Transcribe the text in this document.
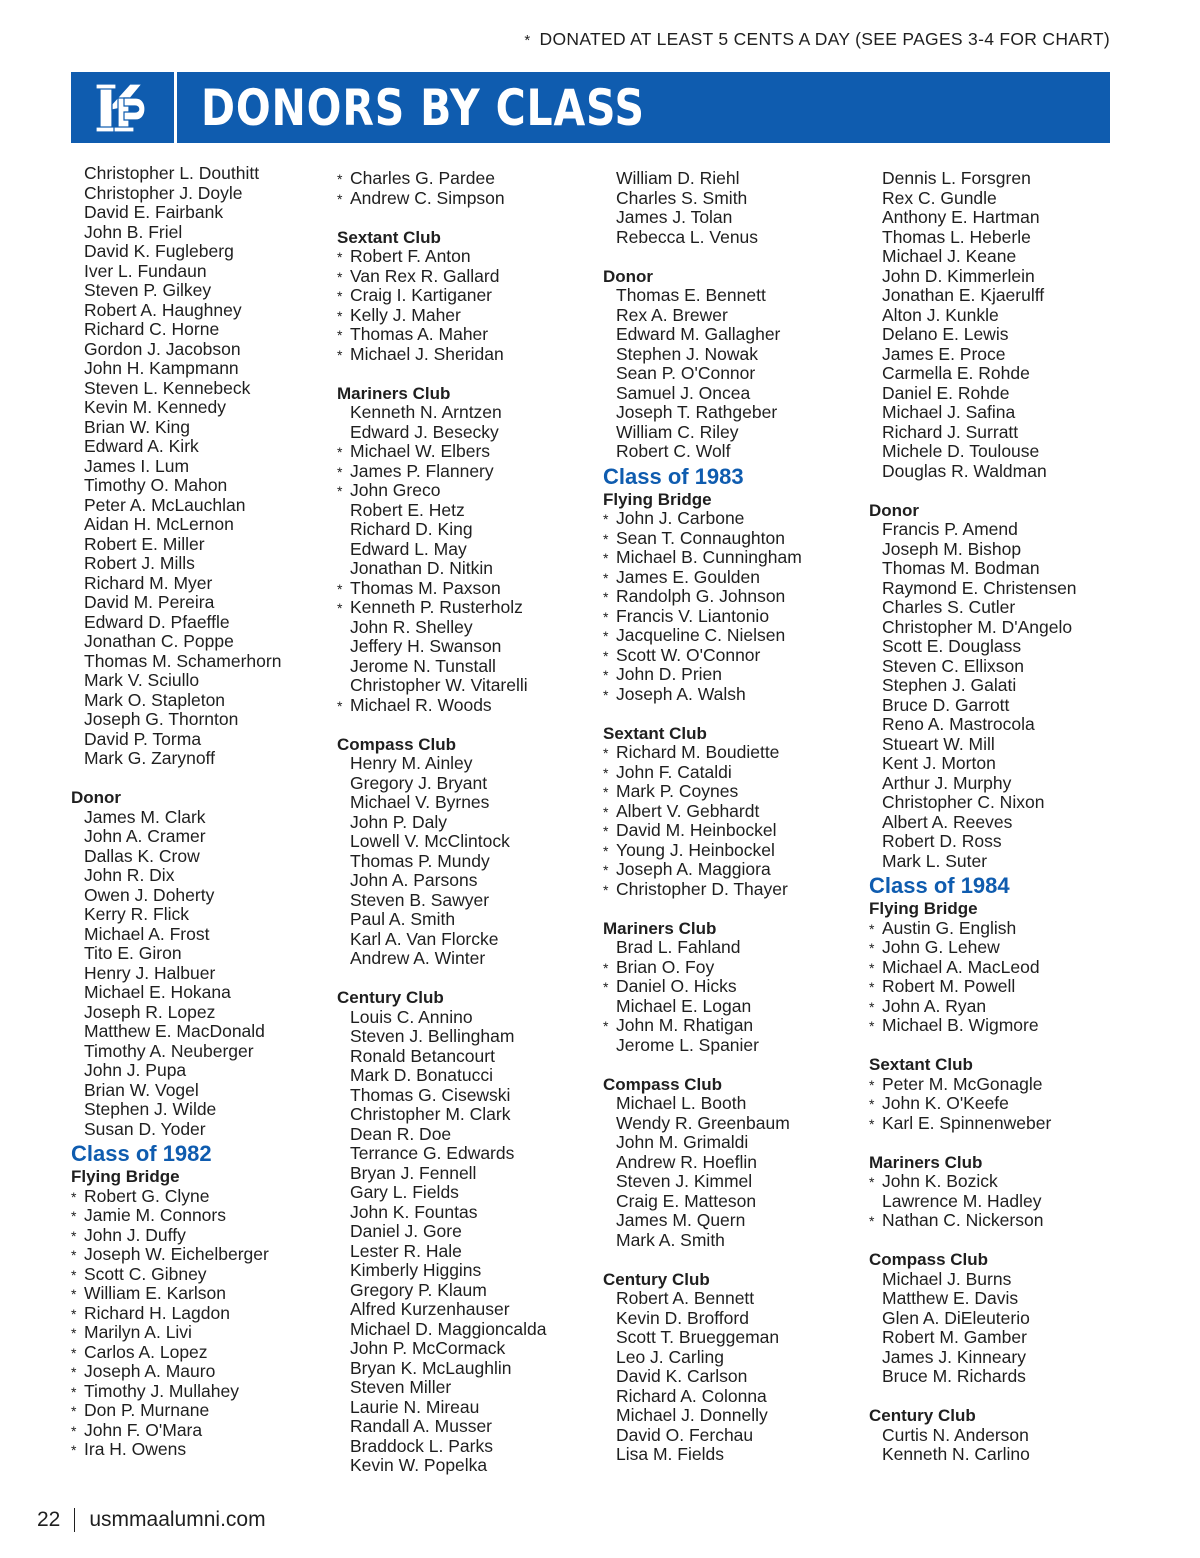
* DONATED AT LEAST 5 CENTS A DAY (SEE PAGES 3-4 FOR CHART)
DONORS BY CLASS
Christopher L. Douthitt
Christopher J. Doyle
David E. Fairbank
John B. Friel
David K. Fugleberg
Iver L. Fundaun
Steven P. Gilkey
Robert A. Haughney
Richard C. Horne
Gordon J. Jacobson
John H. Kampmann
Steven L. Kennebeck
Kevin M. Kennedy
Brian W. King
Edward A. Kirk
James I. Lum
Timothy O. Mahon
Peter A. McLauchlan
Aidan H. McLernon
Robert E. Miller
Robert J. Mills
Richard M. Myer
David M. Pereira
Edward D. Pfaeffle
Jonathan C. Poppe
Thomas M. Schamerhorn
Mark V. Sciullo
Mark O. Stapleton
Joseph G. Thornton
David P. Torma
Mark G. Zarynoff
Donor
James M. Clark
John A. Cramer
Dallas K. Crow
John R. Dix
Owen J. Doherty
Kerry R. Flick
Michael A. Frost
Tito E. Giron
Henry J. Halbuer
Michael E. Hokana
Joseph R. Lopez
Matthew E. MacDonald
Timothy A. Neuberger
John J. Pupa
Brian W. Vogel
Stephen J. Wilde
Susan D. Yoder
Class of 1982
Flying Bridge
* Robert G. Clyne
* Jamie M. Connors
* John J. Duffy
* Joseph W. Eichelberger
* Scott C. Gibney
* William E. Karlson
* Richard H. Lagdon
* Marilyn A. Livi
* Carlos A. Lopez
* Joseph A. Mauro
* Timothy J. Mullahey
* Don P. Murnane
* John F. O'Mara
* Ira H. Owens
* Charles G. Pardee
* Andrew C. Simpson
Sextant Club
* Robert F. Anton
* Van Rex R. Gallard
* Craig I. Kartiganer
* Kelly J. Maher
* Thomas A. Maher
* Michael J. Sheridan
Mariners Club
Kenneth N. Arntzen
Edward J. Besecky
* Michael W. Elbers
* James P. Flannery
* John Greco
Robert E. Hetz
Richard D. King
Edward L. May
Jonathan D. Nitkin
* Thomas M. Paxson
* Kenneth P. Rusterholz
John R. Shelley
Jeffery H. Swanson
Jerome N. Tunstall
Christopher W. Vitarelli
* Michael R. Woods
Compass Club
Henry M. Ainley
Gregory J. Bryant
Michael V. Byrnes
John P. Daly
Lowell V. McClintock
Thomas P. Mundy
John A. Parsons
Steven B. Sawyer
Paul A. Smith
Karl A. Van Florcke
Andrew A. Winter
Century Club
Louis C. Annino
Steven J. Bellingham
Ronald Betancourt
Mark D. Bonatucci
Thomas G. Cisewski
Christopher M. Clark
Dean R. Doe
Terrance G. Edwards
Bryan J. Fennell
Gary L. Fields
John K. Fountas
Daniel J. Gore
Lester R. Hale
Kimberly Higgins
Gregory P. Klaum
Alfred Kurzenhauser
Michael D. Maggioncalda
John P. McCormack
Bryan K. McLaughlin
Steven Miller
Laurie N. Mireau
Randall A. Musser
Braddock L. Parks
Kevin W. Popelka
William D. Riehl
Charles S. Smith
James J. Tolan
Rebecca L. Venus
Donor
Thomas E. Bennett
Rex A. Brewer
Edward M. Gallagher
Stephen J. Nowak
Sean P. O'Connor
Samuel J. Oncea
Joseph T. Rathgeber
William C. Riley
Robert C. Wolf
Class of 1983
Flying Bridge
* John J. Carbone
* Sean T. Connaughton
* Michael B. Cunningham
* James E. Goulden
* Randolph G. Johnson
* Francis V. Liantonio
* Jacqueline C. Nielsen
* Scott W. O'Connor
* John D. Prien
* Joseph A. Walsh
Sextant Club
* Richard M. Boudiette
* John F. Cataldi
* Mark P. Coynes
* Albert V. Gebhardt
* David M. Heinbockel
* Young J. Heinbockel
* Joseph A. Maggiora
* Christopher D. Thayer
Mariners Club
Brad L. Fahland
* Brian O. Foy
* Daniel O. Hicks
Michael E. Logan
* John M. Rhatigan
Jerome L. Spanier
Compass Club
Michael L. Booth
Wendy R. Greenbaum
John M. Grimaldi
Andrew R. Hoeflin
Steven J. Kimmel
Craig E. Matteson
James M. Quern
Mark A. Smith
Century Club
Robert A. Bennett
Kevin D. Brofford
Scott T. Brueggeman
Leo J. Carling
David K. Carlson
Richard A. Colonna
Michael J. Donnelly
David O. Ferchau
Lisa M. Fields
Dennis L. Forsgren
Rex C. Gundle
Anthony E. Hartman
Thomas L. Heberle
Michael J. Keane
John D. Kimmerlein
Jonathan E. Kjaerulff
Alton J. Kunkle
Delano E. Lewis
James E. Proce
Carmella E. Rohde
Daniel E. Rohde
Michael J. Safina
Richard J. Surratt
Michele D. Toulouse
Douglas R. Waldman
Donor
Francis P. Amend
Joseph M. Bishop
Thomas M. Bodman
Raymond E. Christensen
Charles S. Cutler
Christopher M. D'Angelo
Scott E. Douglass
Steven C. Ellixson
Stephen J. Galati
Bruce D. Garrott
Reno A. Mastrocola
Stueart W. Mill
Kent J. Morton
Arthur J. Murphy
Christopher C. Nixon
Albert A. Reeves
Robert D. Ross
Mark L. Suter
Class of 1984
Flying Bridge
* Austin G. English
* John G. Lehew
* Michael A. MacLeod
* Robert M. Powell
* John A. Ryan
* Michael B. Wigmore
Sextant Club
* Peter M. McGonagle
* John K. O'Keefe
* Karl E. Spinnenweber
Mariners Club
* John K. Bozick
Lawrence M. Hadley
* Nathan C. Nickerson
Compass Club
Michael J. Burns
Matthew E. Davis
Glen A. DiEleuterio
Robert M. Gamber
James J. Kinneary
Bruce M. Richards
Century Club
Curtis N. Anderson
Kenneth N. Carlino
22 usmmaalumni.com
